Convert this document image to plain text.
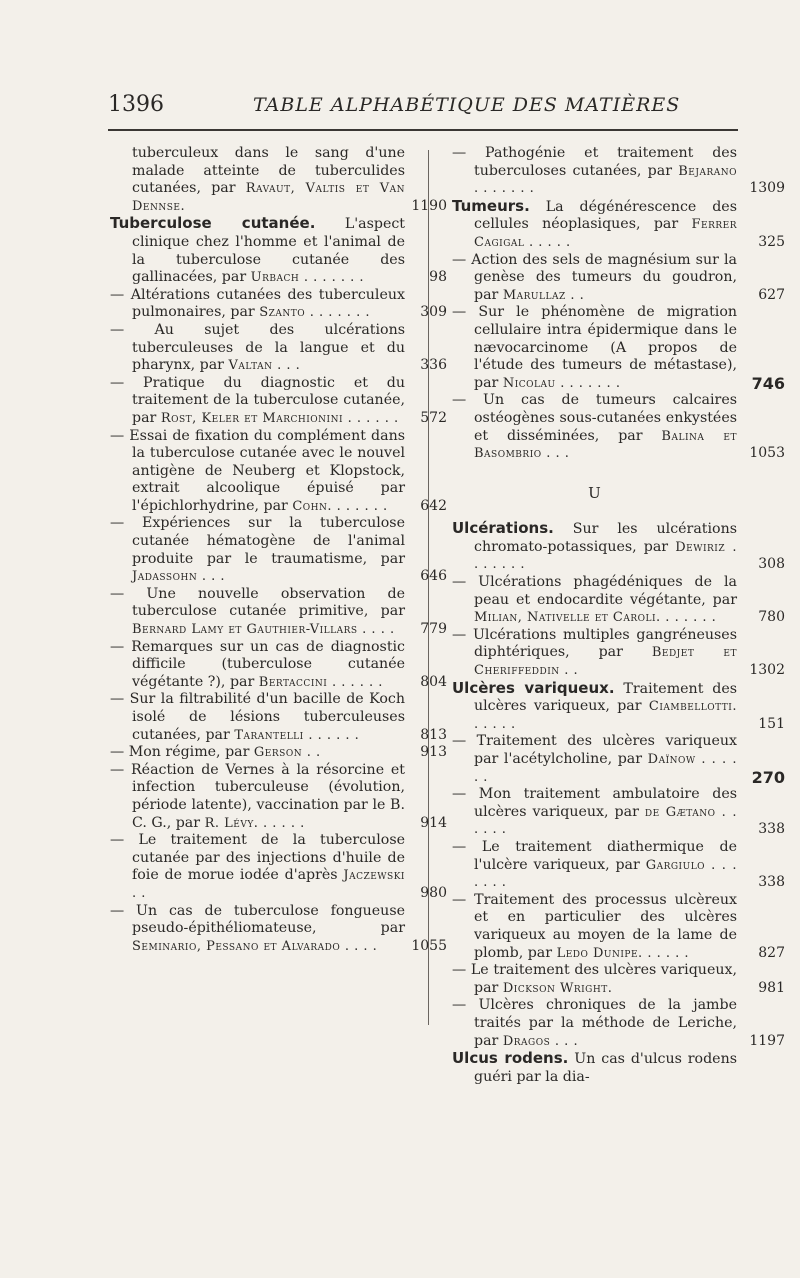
1396	TABLE ALPHABÉTIQUE DES MATIÈRES
tuberculeux dans le sang d'une malade atteinte de tuberculides cutanées, par Ravaut, Valtis et Van Dennse.	1190
Tuberculose cutanée. L'aspect clinique chez l'homme et l'animal de la tuberculose cutanée des gallinacées, par Urbach . . . . . . .	98
— Altérations cutanées des tuberculeux pulmonaires, par Szanto . . . . . . .	309
— Au sujet des ulcérations tuberculeuses de la langue et du pharynx, par Valtan . . .	336
— Pratique du diagnostic et du traitement de la tuberculose cutanée, par Rost, Keler et Marchionini . . . . . .	572
— Essai de fixation du complément dans la tuberculose cutanée avec le nouvel antigène de Neuberg et Klopstock, extrait alcoolique épuisé par l'épichlorhydrine, par Cohn. . . . . . .	642
— Expériences sur la tuberculose cutanée hématogène de l'animal produite par le traumatisme, par Jadassohn . . .	646
— Une nouvelle observation de tuberculose cutanée primitive, par Bernard Lamy et Gauthier-Villars . . . .	779
— Remarques sur un cas de diagnostic difficile (tuberculose cutanée végétante ?), par Bertaccini . . . . . .	804
— Sur la filtrabilité d'un bacille de Koch isolé de lésions tuberculeuses cutanées, par Tarantelli . . . . . .	813
— Mon régime, par Gerson . .	913
— Réaction de Vernes à la résorcine et infection tuberculeuse (évolution, période latente), vaccination par le B. C. G., par R. Lévy. . . . . .	914
— Le traitement de la tuberculose cutanée par des injections d'huile de foie de morue iodée d'après Jaczewski . .	980
— Un cas de tuberculose fongueuse pseudo-épithéliomateuse, par Seminario, Pessano et Alvarado . . . .	1055
— Pathogénie et traitement des tuberculoses cutanées, par Bejarano . . . . . . .	1309
Tumeurs. La dégénérescence des cellules néoplasiques, par Ferrer Cagigal . . . . .	325
— Action des sels de magnésium sur la genèse des tumeurs du goudron, par Marullaz . .	627
— Sur le phénomène de migration cellulaire intra épidermique dans le nævocarcinome (A propos de l'étude des tumeurs de métastase), par Nicolau . . . . . . .	746
— Un cas de tumeurs calcaires ostéogènes sous-cutanées enkystées et disséminées, par Balina et Basombrio . . .	1053
U
Ulcérations. Sur les ulcérations chromato-potassiques, par Dewiriz . . . . . . .	308
— Ulcérations phagédéniques de la peau et endocardite végétante, par Milian, Nativelle et Caroli. . . . . . .	780
— Ulcérations multiples gangréneuses diphtériques, par Bedjet et Cheriffeddin . .	1302
Ulcères variqueux. Traitement des ulcères variqueux, par Ciambellotti. . . . . .	151
— Traitement des ulcères variqueux par l'acétylcholine, par Daïnow . . . . . .	270
— Mon traitement ambulatoire des ulcères variqueux, par de Gætano . . . . . .	338
— Le traitement diathermique de l'ulcère variqueux, par Gargiulo . . . . . . .	338
— Traitement des processus ulcèreux et en particulier des ulcères variqueux au moyen de la lame de plomb, par Ledo Dunipe. . . . . .	827
— Le traitement des ulcères variqueux, par Dickson Wright.	981
— Ulcères chroniques de la jambe traités par la méthode de Leriche, par Dragos . . .	1197
Ulcus rodens. Un cas d'ulcus rodens guéri par la dia-
